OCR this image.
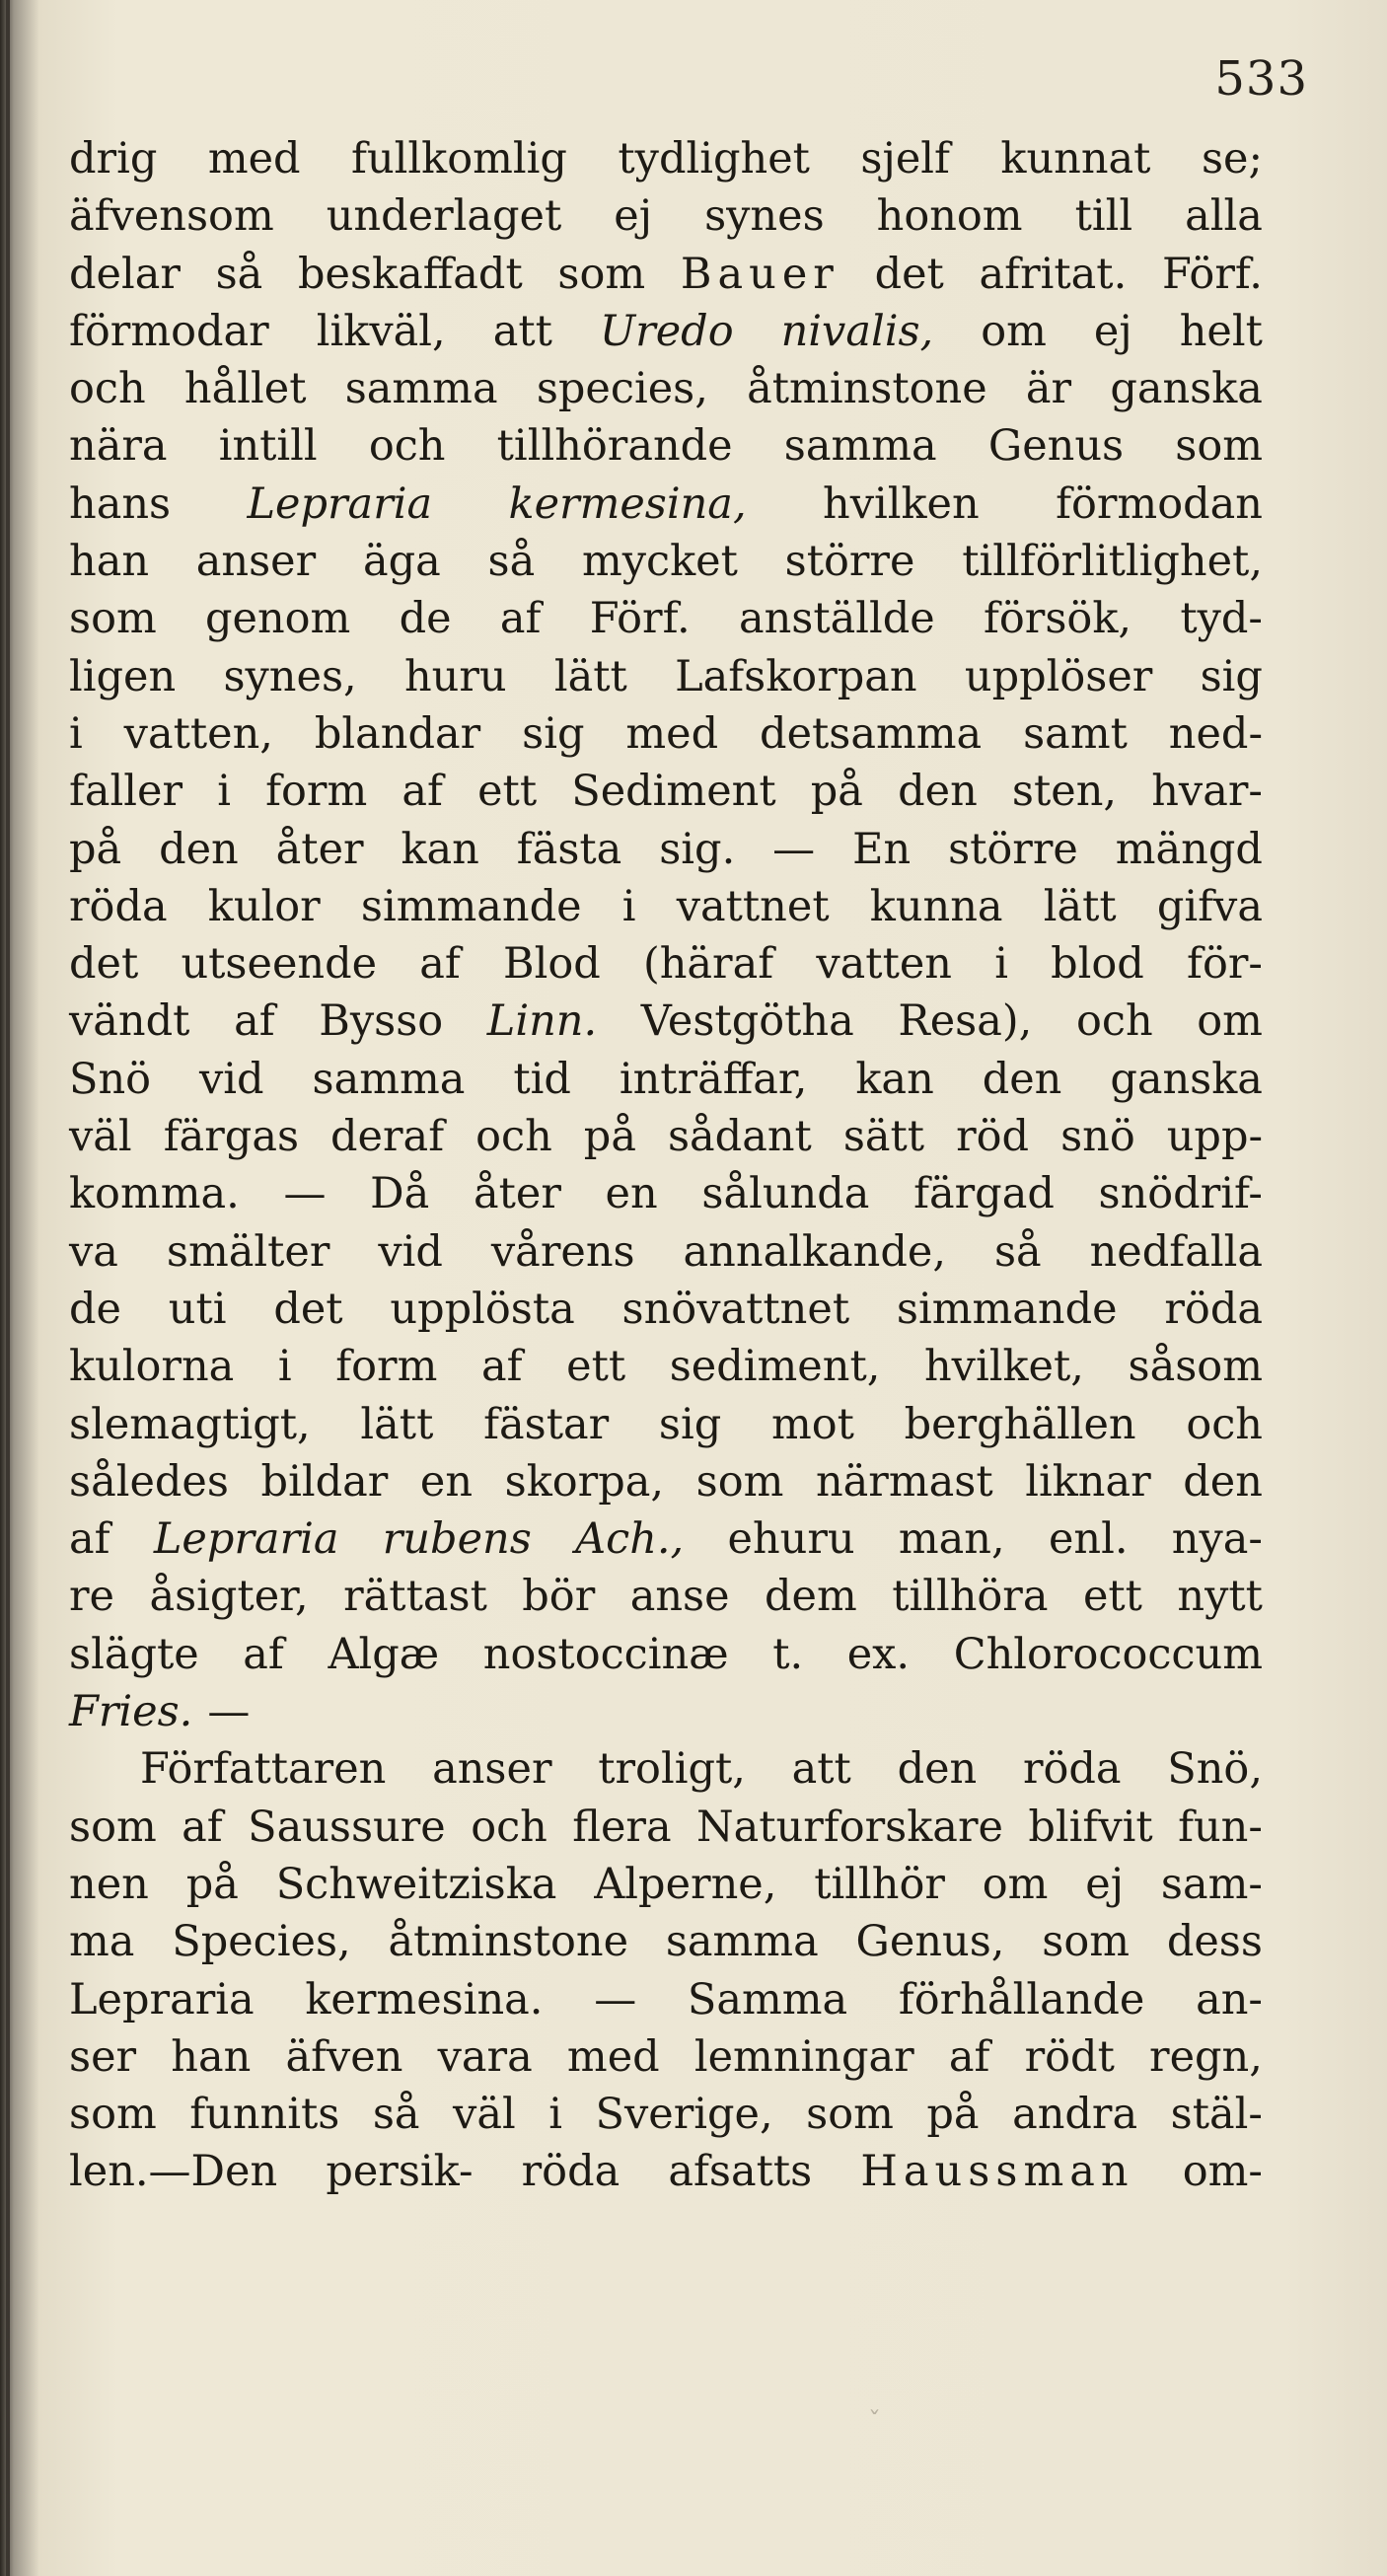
533
drig med fullkomlig tydlighet sjelf kunnat se;
äfvensom underlaget ej synes honom till alla
delar så beskaffadt som Bauer det afritat. Förf.
förmodar likväl, att Uredo nivalis, om ej helt
och hållet samma species, åtminstone är ganska
nära intill och tillhörande samma Genus som
hans Lepraria kermesina, hvilken förmodan
han anser äga så mycket större tillförlitlighet,
som genom de af Förf. anställde försök, tyd-
ligen synes, huru lätt Lafskorpan upplöser sig
i vatten, blandar sig med detsamma samt ned-
faller i form af ett Sediment på den sten, hvar-
på den åter kan fästa sig. — En större mängd
röda kulor simmande i vattnet kunna lätt gifva
det utseende af Blod (häraf vatten i blod för-
vändt af Bysso Linn. Vestgötha Resa), och om
Snö vid samma tid inträffar, kan den ganska
väl färgas deraf och på sådant sätt röd snö upp-
komma. — Då åter en sålunda färgad snödrif-
va smälter vid vårens annalkande, så nedfalla
de uti det upplösta snövattnet simmande röda
kulorna i form af ett sediment, hvilket, såsom
slemagtigt, lätt fästar sig mot berghällen och
således bildar en skorpa, som närmast liknar den
af Lepraria rubens Ach., ehuru man, enl. nya-
re åsigter, rättast bör anse dem tillhöra ett nytt
slägte af Algæ nostoccinæ t. ex. Chlorococcum
Fries. —
Författaren anser troligt, att den röda Snö,
som af Saussure och flera Naturforskare blifvit fun-
nen på Schweitziska Alperne, tillhör om ej sam-
ma Species, åtminstone samma Genus, som dess
Lepraria kermesina. — Samma förhållande an-
ser han äfven vara med lemningar af rödt regn,
som funnits så väl i Sverige, som på andra stäl-
len.—Den persik- röda afsatts Haussman om-
ˇ
